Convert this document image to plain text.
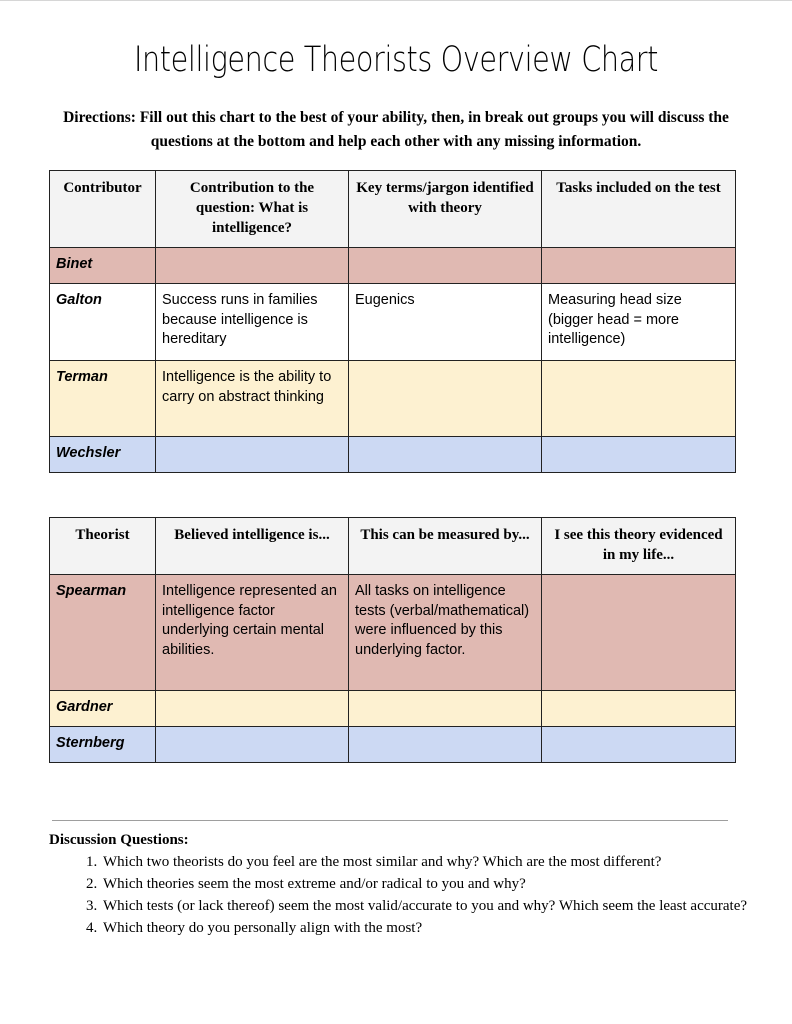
Intelligence Theorists Overview Chart
Directions: Fill out this chart to the best of your ability, then, in break out groups you will discuss the questions at the bottom and help each other with any missing information.
Contributor	Contribution to the question: What is intelligence?	Key terms/jargon identified with theory	Tasks included on the test
Binet			
Galton	Success runs in families because intelligence is hereditary	Eugenics	Measuring head size (bigger head = more intelligence)
Terman	Intelligence is the ability to carry on abstract thinking		
Wechsler			
Theorist	Believed intelligence is...	This can be measured by...	I see this theory evidenced in my life...
Spearman	Intelligence represented an intelligence factor underlying certain mental abilities.	All tasks on intelligence tests (verbal/mathematical) were influenced by this underlying factor.	
Gardner			
Sternberg			
Discussion Questions:
1. Which two theorists do you feel are the most similar and why? Which are the most different?
2. Which theories seem the most extreme and/or radical to you and why?
3. Which tests (or lack thereof) seem the most valid/accurate to you and why? Which seem the least accurate?
4. Which theory do you personally align with the most?
